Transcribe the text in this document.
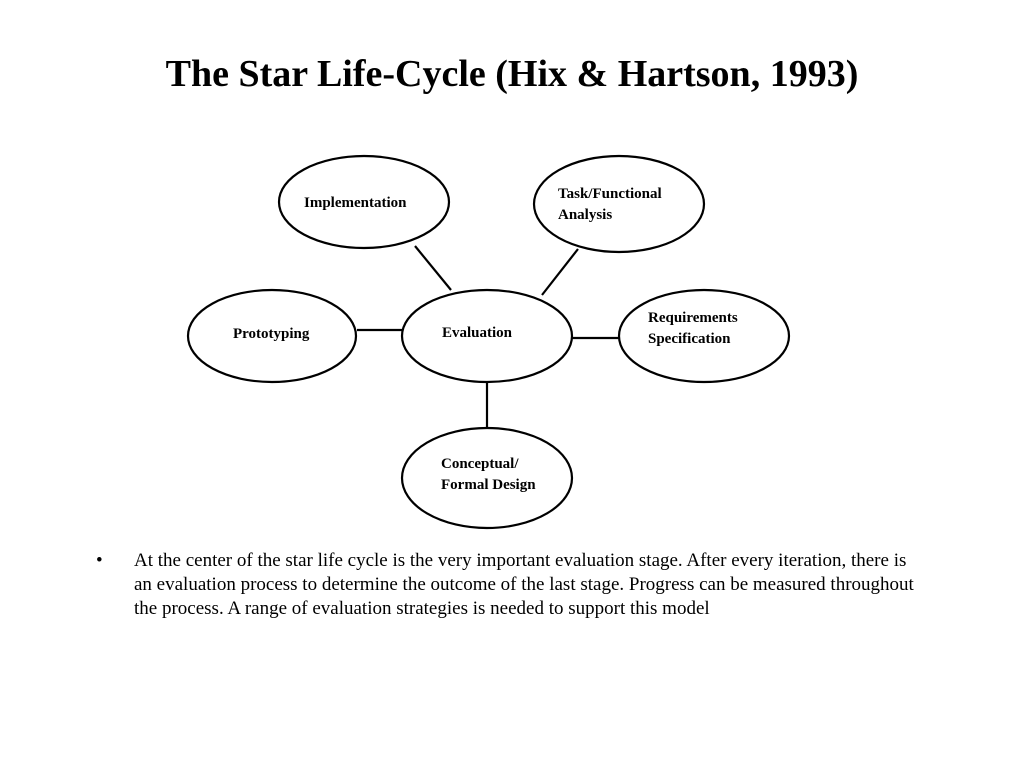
The Star Life-Cycle (Hix & Hartson, 1993)
Evaluation
Implementation
Task/Functional
Analysis
Prototyping
Requirements
Specification
Conceptual/
Formal Design
• At the center of the star life cycle is the very important evaluation stage. After every iteration, there is an evaluation process to determine the outcome of the last stage. Progress can be measured throughout the process. A range of evaluation strategies is needed to support this model
